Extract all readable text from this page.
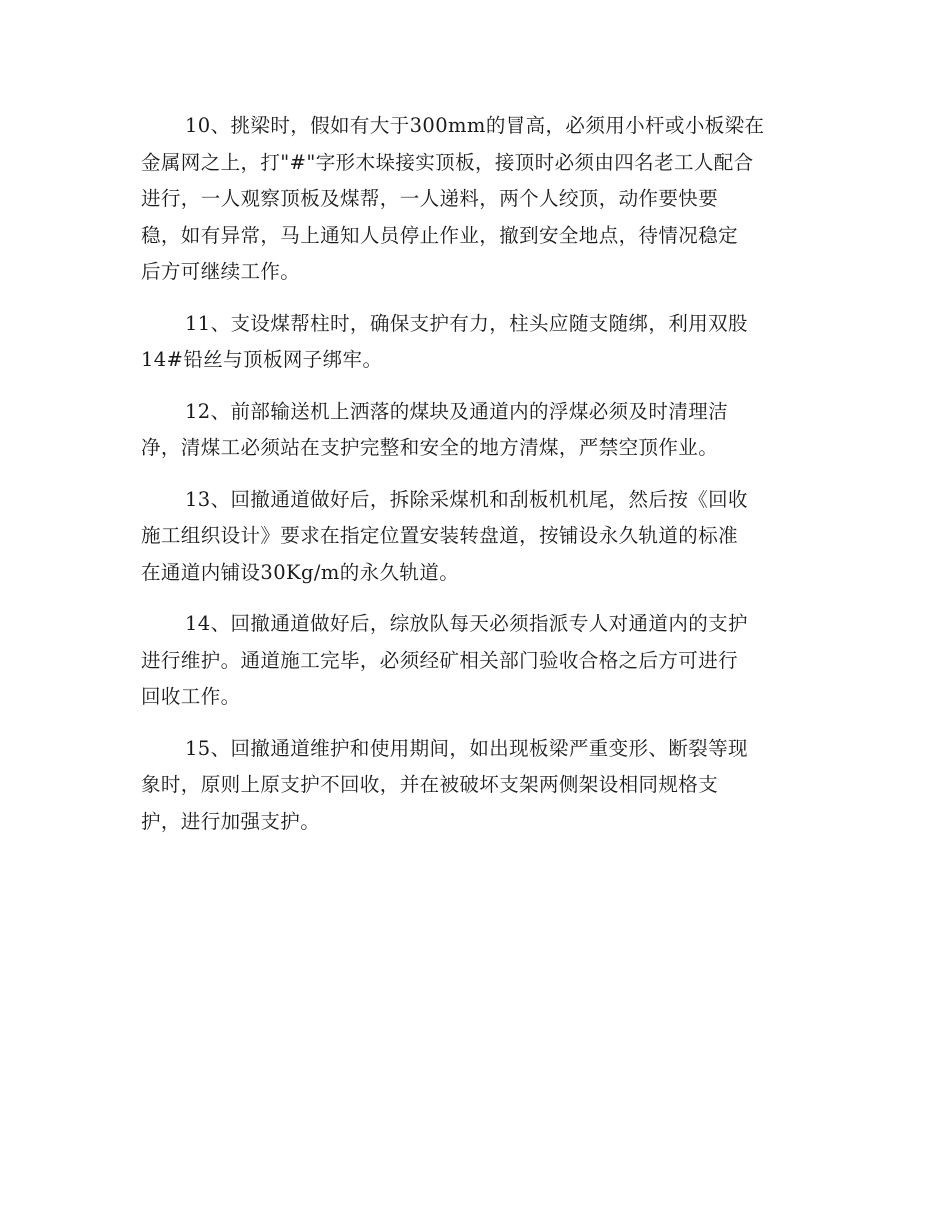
10、挑梁时，假如有大于300mm的冒高，必须用小杆或小板梁在
金属网之上，打"#"字形木垛接实顶板，接顶时必须由四名老工人配合
进行，一人观察顶板及煤帮，一人递料，两个人绞顶，动作要快要
稳，如有异常，马上通知人员停止作业，撤到安全地点，待情况稳定
后方可继续工作。

11、支设煤帮柱时，确保支护有力，柱头应随支随绑，利用双股
14#铅丝与顶板网子绑牢。

12、前部输送机上洒落的煤块及通道内的浮煤必须及时清理洁
净，清煤工必须站在支护完整和安全的地方清煤，严禁空顶作业。

13、回撤通道做好后，拆除采煤机和刮板机机尾，然后按《回收
施工组织设计》要求在指定位置安装转盘道，按铺设永久轨道的标准
在通道内铺设30Kg/m的永久轨道。

14、回撤通道做好后，综放队每天必须指派专人对通道内的支护
进行维护。通道施工完毕，必须经矿相关部门验收合格之后方可进行
回收工作。

15、回撤通道维护和使用期间，如出现板梁严重变形、断裂等现
象时，原则上原支护不回收，并在被破坏支架两侧架设相同规格支
护，进行加强支护。
